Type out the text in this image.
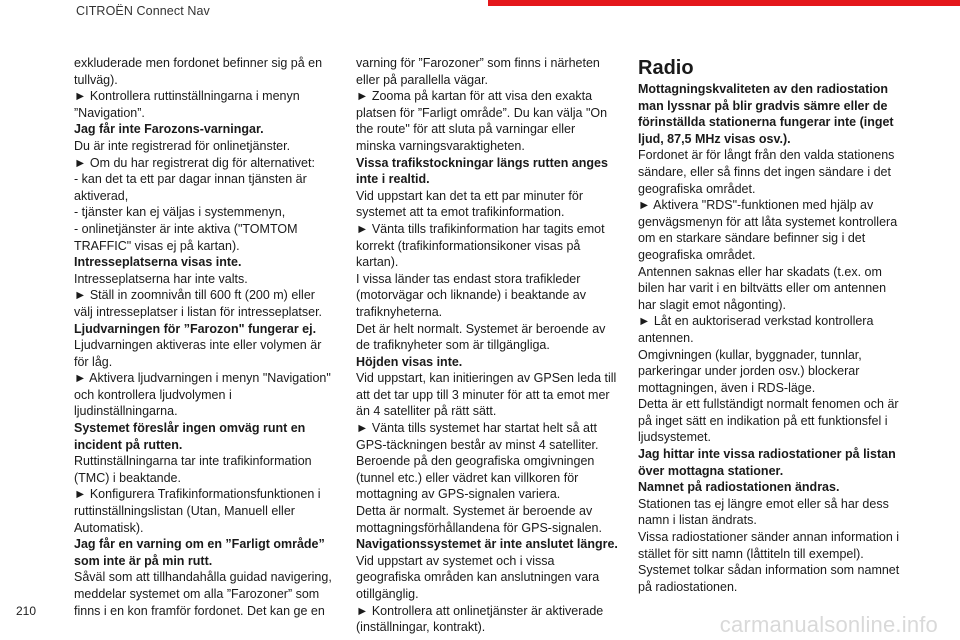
CITROËN Connect Nav

exkluderade men fordonet befinner sig på en tullväg).

► Kontrollera ruttinställningarna i menyn ”Navigation”.

Jag får inte Farozons-varningar.

Du är inte registrerad för onlinetjänster.

► Om du har registrerat dig för alternativet:

- kan det ta ett par dagar innan tjänsten är aktiverad,

- tjänster kan ej väljas i systemmenyn,

- onlinetjänster är inte aktiva ("TOMTOM TRAFFIC" visas ej på kartan).

Intresseplatserna visas inte.

Intresseplatserna har inte valts.

► Ställ in zoomnivån till 600 ft (200 m) eller välj intresseplatser i listan för intresseplatser.

Ljudvarningen för ”Farozon" fungerar ej.

Ljudvarningen aktiveras inte eller volymen är för låg.

► Aktivera ljudvarningen i menyn "Navigation" och kontrollera ljudvolymen i ljudinställningarna.

Systemet föreslår ingen omväg runt en incident på rutten.

Ruttinställningarna tar inte trafikinformation (TMC) i beaktande.

► Konfigurera Trafikinformationsfunktionen i ruttinställningslistan (Utan, Manuell eller Automatisk).

Jag får en varning om en ”Farligt område” som inte är på min rutt.

Såväl som att tillhandahålla guidad navigering, meddelar systemet om alla ”Farozoner” som finns i en kon framför fordonet. Det kan ge en

varning för ”Farozoner” som finns i närheten eller på parallella vägar.

► Zooma på kartan för att visa den exakta platsen för ”Farligt område”. Du kan välja "On the route" för att sluta på varningar eller minska varningsvaraktigheten.

Vissa trafikstockningar längs rutten anges inte i realtid.

Vid uppstart kan det ta ett par minuter för systemet att ta emot trafikinformation.

► Vänta tills trafikinformation har tagits emot korrekt (trafikinformationsikoner visas på kartan).

I vissa länder tas endast stora trafikleder (motorvägar och liknande) i beaktande av trafiknyheterna.

Det är helt normalt. Systemet är beroende av de trafiknyheter som är tillgängliga.

Höjden visas inte.

Vid uppstart, kan initieringen av GPSen leda till att det tar upp till 3 minuter för att ta emot mer än 4 satelliter på rätt sätt.

► Vänta tills systemet har startat helt så att GPS-täckningen består av minst 4 satelliter.

Beroende på den geografiska omgivningen (tunnel etc.) eller vädret kan villkoren för mottagning av GPS-signalen variera.

Detta är normalt. Systemet är beroende av mottagningsförhållandena för GPS-signalen.

Navigationssystemet är inte anslutet längre.

Vid uppstart av systemet och i vissa geografiska områden kan anslutningen vara otillgänglig.

► Kontrollera att onlinetjänster är aktiverade (inställningar, kontrakt).

Radio

Mottagningskvaliteten av den radiostation man lyssnar på blir gradvis sämre eller de förinställda stationerna fungerar inte (inget ljud, 87,5 MHz visas osv.).

Fordonet är för långt från den valda stationens sändare, eller så finns det ingen sändare i det geografiska området.

► Aktivera "RDS"-funktionen med hjälp av genvägsmenyn för att låta systemet kontrollera om en starkare sändare befinner sig i det geografiska området.

Antennen saknas eller har skadats (t.ex. om bilen har varit i en biltvätts eller om antennen har slagit emot någonting).

► Låt en auktoriserad verkstad kontrollera antennen.

Omgivningen (kullar, byggnader, tunnlar, parkeringar under jorden osv.) blockerar mottagningen, även i RDS-läge.

Detta är ett fullständigt normalt fenomen och är på inget sätt en indikation på ett funktionsfel i ljudsystemet.

Jag hittar inte vissa radiostationer på listan över mottagna stationer.

Namnet på radiostationen ändras.

Stationen tas ej längre emot eller så har dess namn i listan ändrats.

Vissa radiostationer sänder annan information i stället för sitt namn (låttiteln till exempel).

Systemet tolkar sådan information som namnet på radiostationen.

210
carmanualsonline.info
